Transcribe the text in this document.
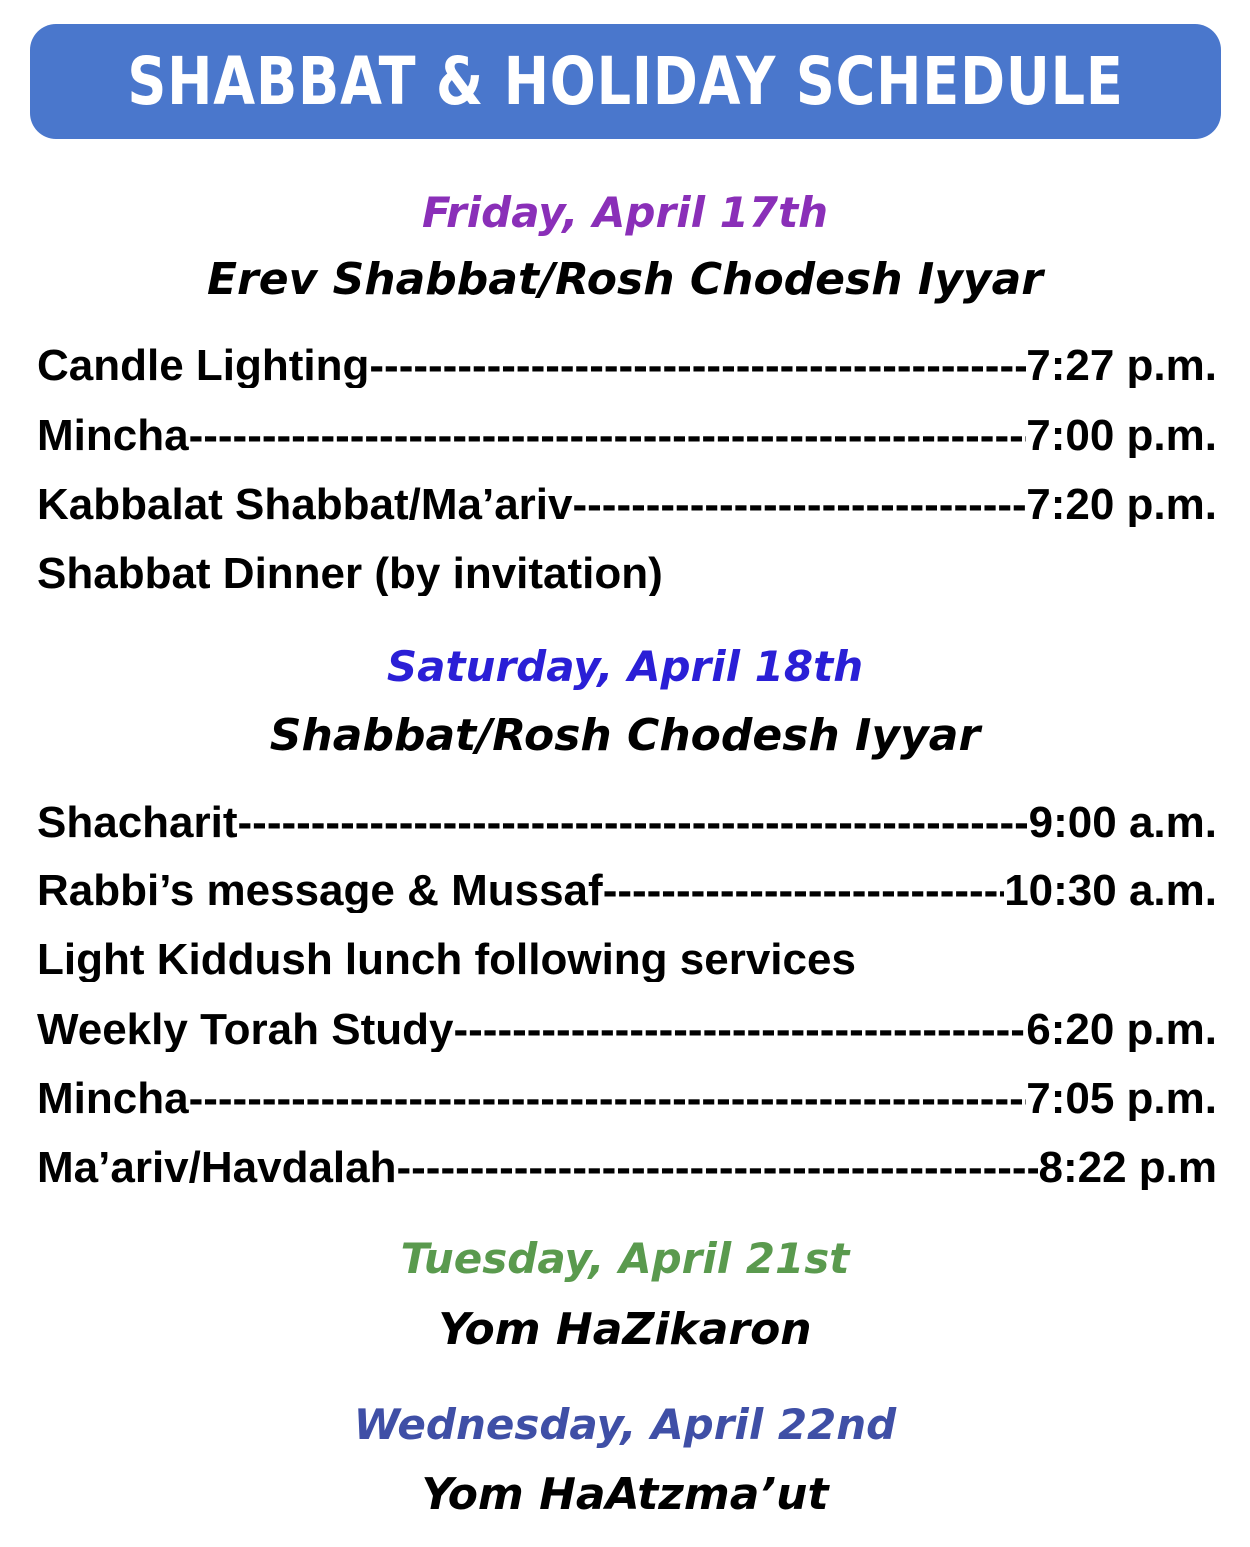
SHABBAT & HOLIDAY SCHEDULE
Friday, April 17th
Erev Shabbat/Rosh Chodesh Iyyar
Candle Lighting -----	7:27 p.m.
Mincha -----	7:00 p.m.
Kabbalat Shabbat/Ma’ariv -----	7:20 p.m.
Shabbat Dinner (by invitation)
Saturday, April 18th
Shabbat/Rosh Chodesh Iyyar
Shacharit -----	9:00 a.m.
Rabbi’s message & Mussaf -----	10:30 a.m.
Light Kiddush lunch following services
Weekly Torah Study -----	6:20 p.m.
Mincha -----	7:05 p.m.
Ma’ariv/Havdalah -----	8:22 p.m
Tuesday, April 21st
Yom HaZikaron
Wednesday, April 22nd
Yom HaAtzma’ut
